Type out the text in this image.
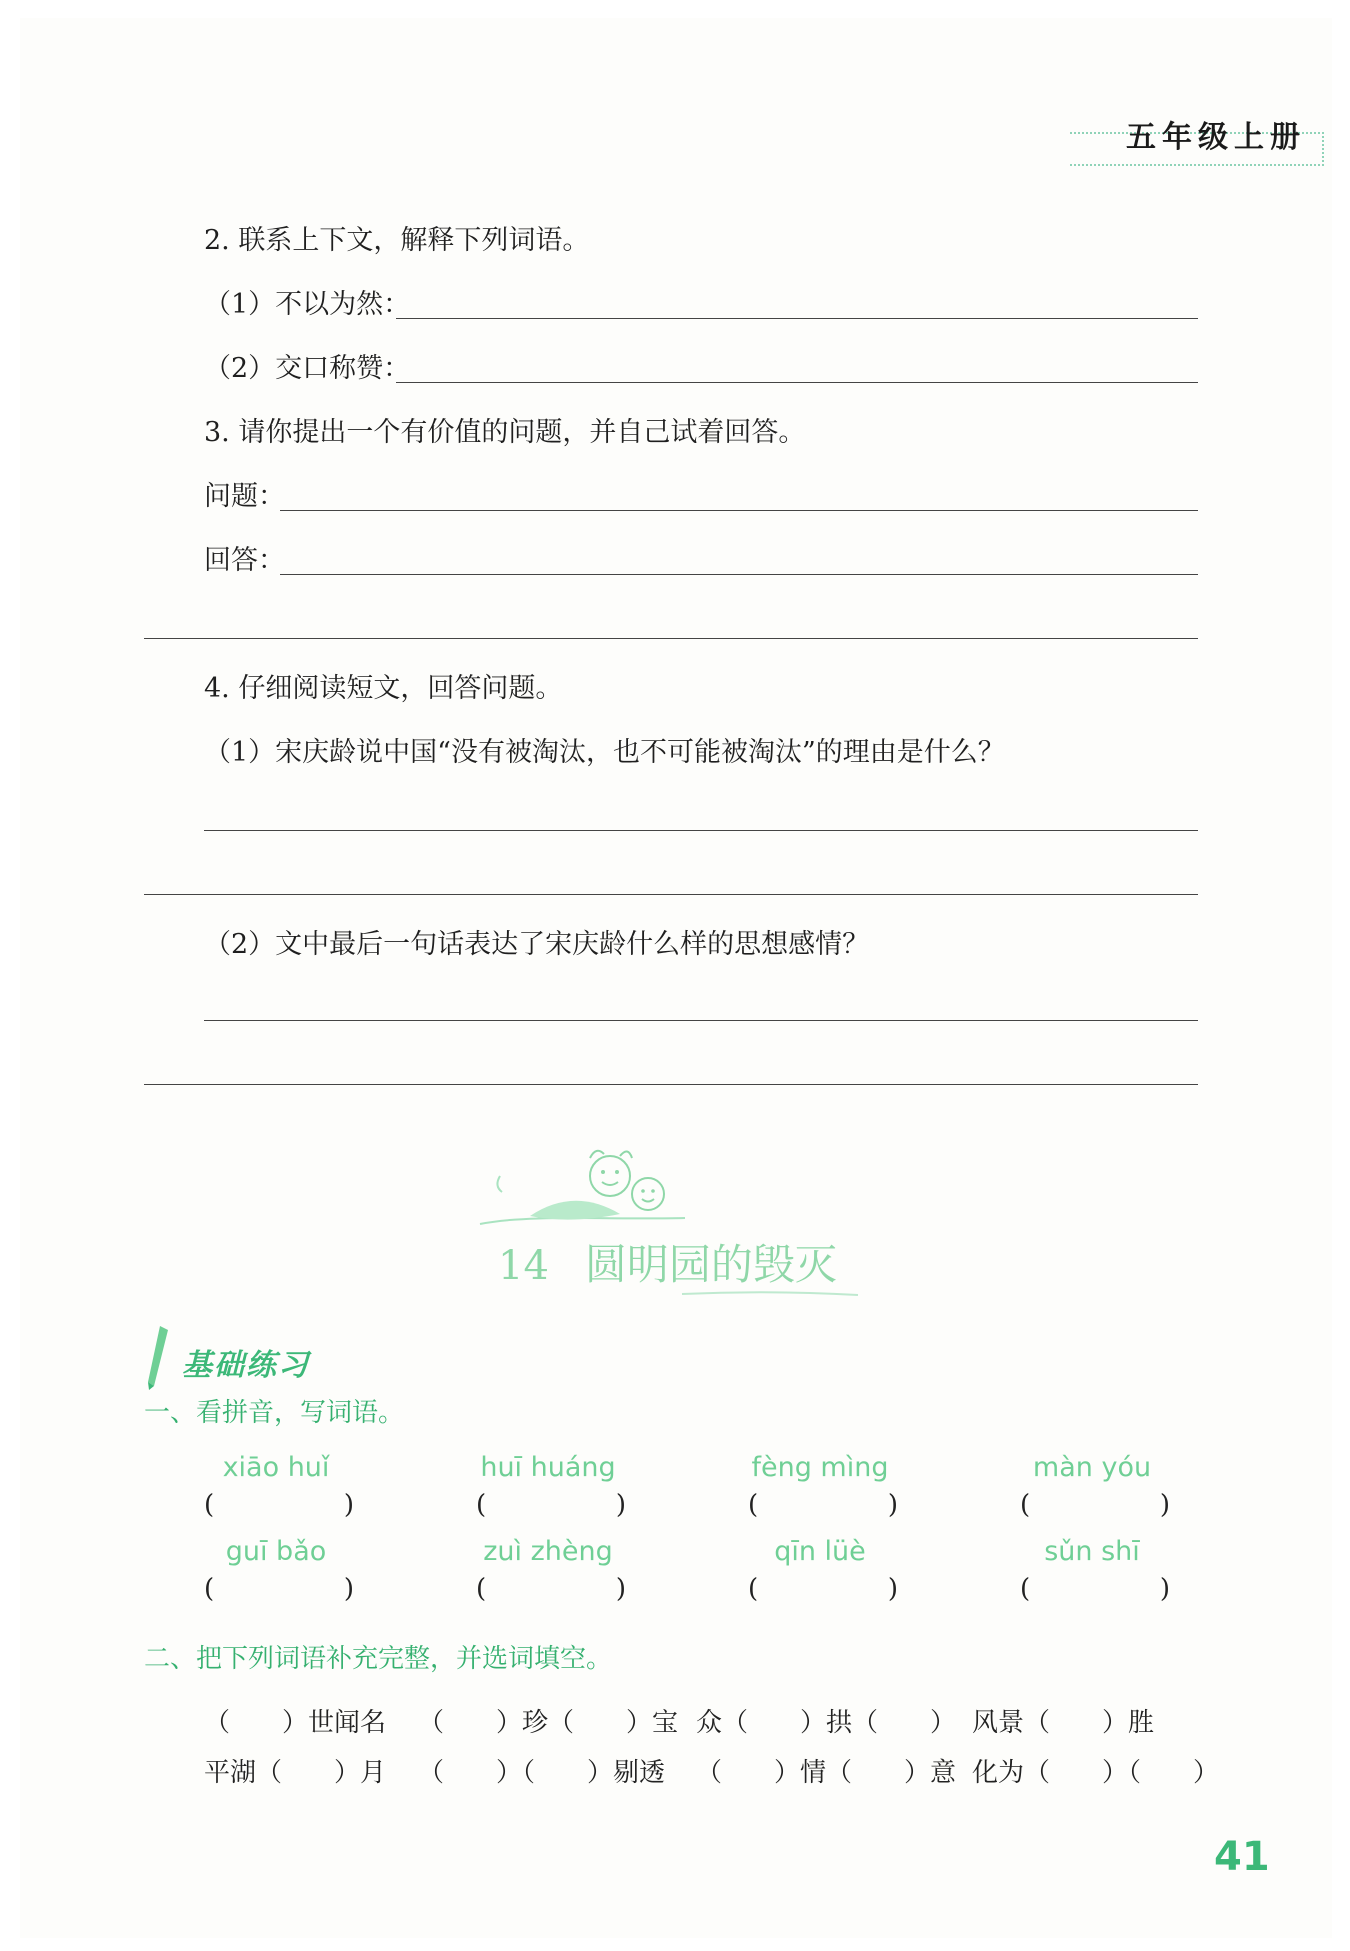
五年级上册
2. 联系上下文，解释下列词语。
（1）不以为然：
（2）交口称赞：
3. 请你提出一个有价值的问题，并自己试着回答。
问题：
回答：
4. 仔细阅读短文，回答问题。
（1）宋庆龄说中国“没有被淘汰，也不可能被淘汰”的理由是什么？
（2）文中最后一句话表达了宋庆龄什么样的思想感情？
14 圆明园的毁灭
基础练习
一、看拼音，写词语。
xiāo huǐ	huī huáng	fèng mìng	màn yóu
(	)	(	)	(	)	(	)
guī bǎo	zuì zhèng	qīn lüè	sǔn shī
(	)	(	)	(	)	(	)
二、把下列词语补充完整，并选词填空。
（　　）世闻名 （　　）珍（　　）宝 众（　　）拱（　　） 风景（　　）胜
平湖（　　）月 （　　）（　　）剔透 （　　）情（　　）意 化为（　　）（　　）
41
